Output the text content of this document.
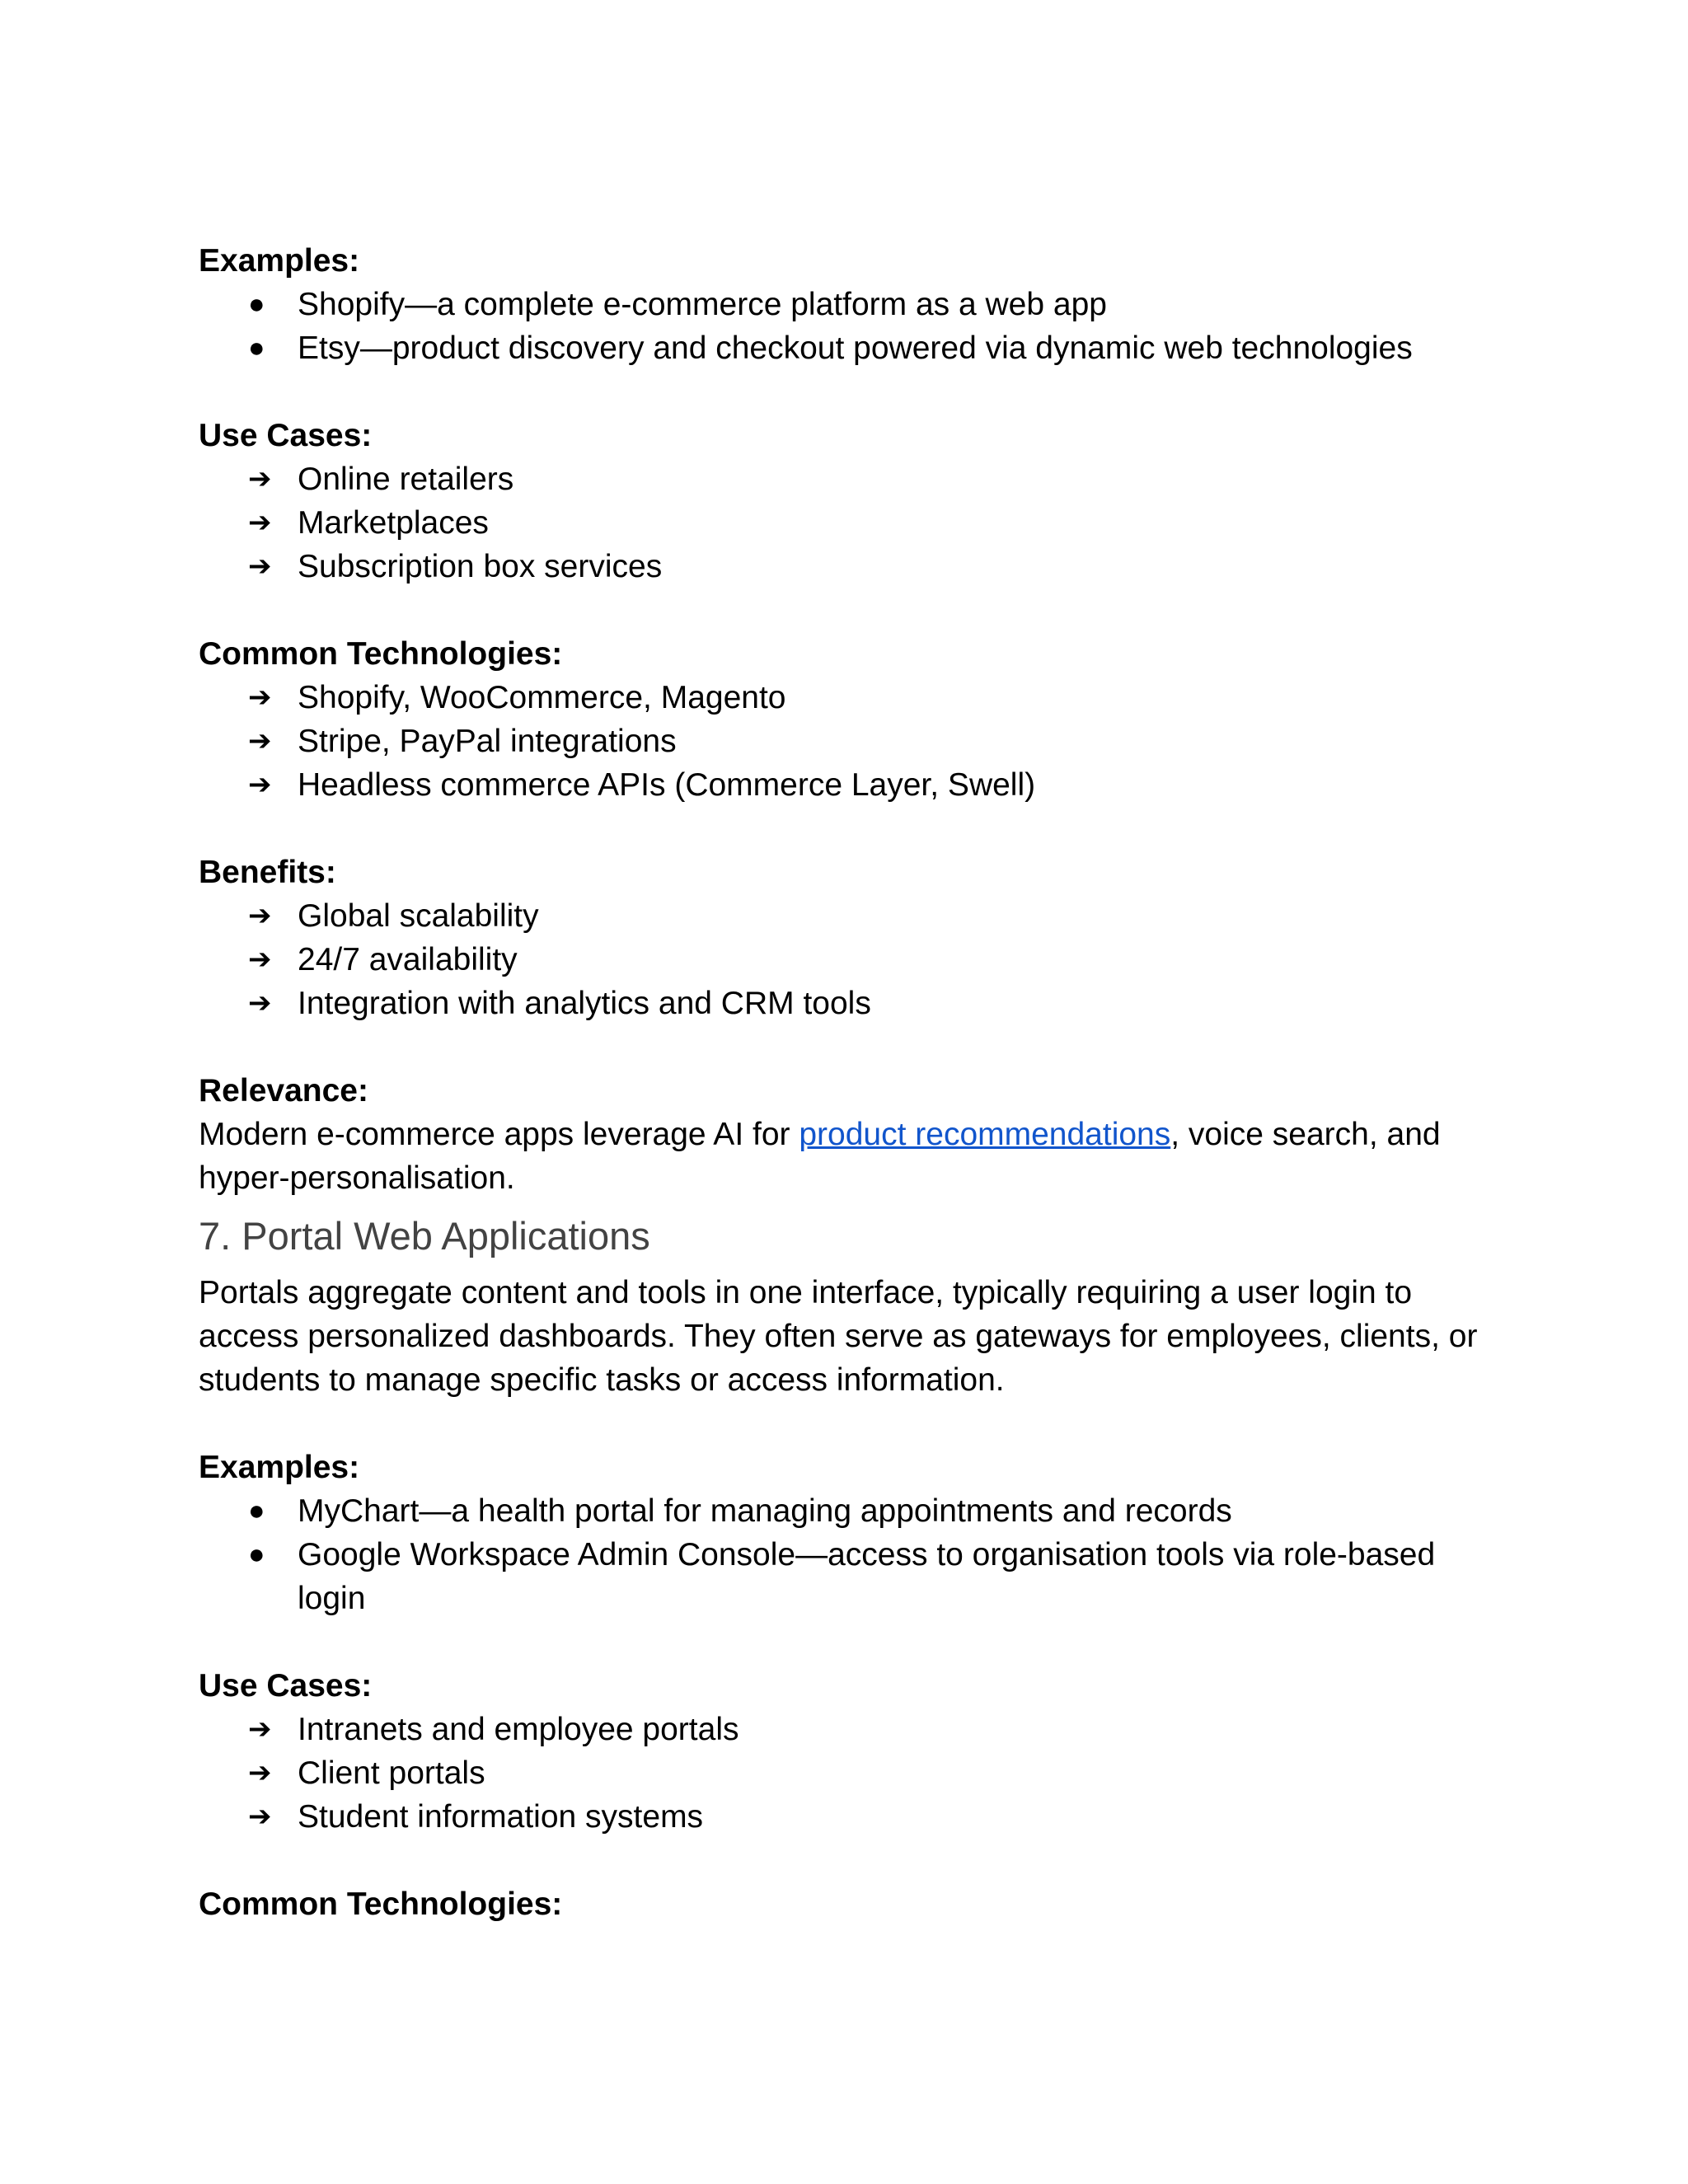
Examples:

●	Shopify—a complete e-commerce platform as a web app
●	Etsy—product discovery and checkout powered via dynamic web technologies

Use Cases:

➔ Online retailers
➔ Marketplaces
➔ Subscription box services

Common Technologies:

➔ Shopify, WooCommerce, Magento
➔ Stripe, PayPal integrations
➔ Headless commerce APIs (Commerce Layer, Swell)

Benefits:

➔ Global scalability
➔ 24/7 availability
➔ Integration with analytics and CRM tools

Relevance:

Modern e-commerce apps leverage AI for product recommendations, voice search, and hyper-personalisation.

7. Portal Web Applications

Portals aggregate content and tools in one interface, typically requiring a user login to access personalized dashboards. They often serve as gateways for employees, clients, or students to manage specific tasks or access information.

Examples:

●	MyChart—a health portal for managing appointments and records
●	Google Workspace Admin Console—access to organisation tools via role-based login

Use Cases:

➔ Intranets and employee portals
➔ Client portals
➔ Student information systems

Common Technologies:
